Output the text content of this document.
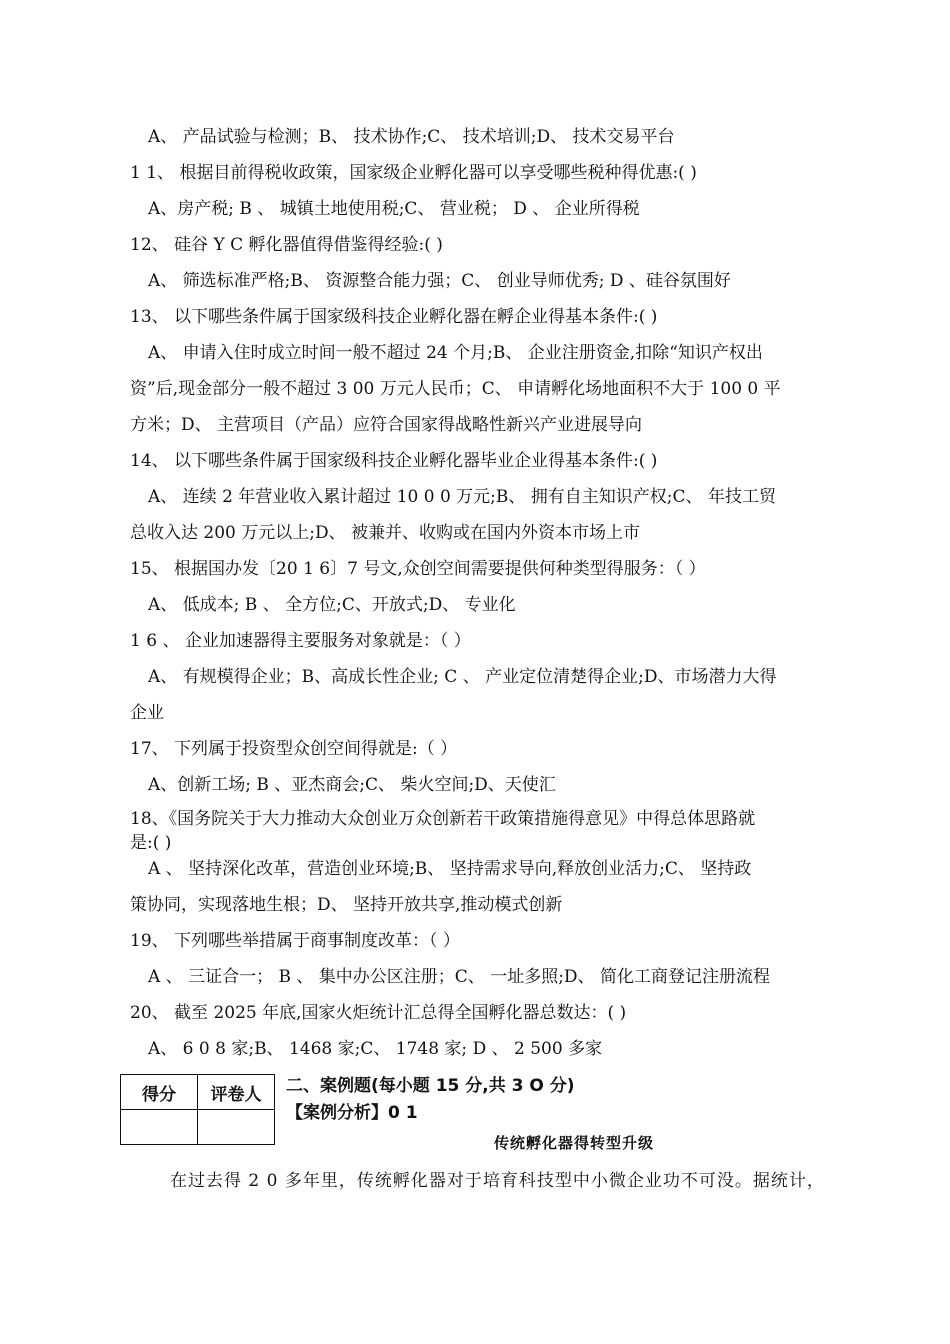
A、 产品试验与检测；B、 技术协作;C、 技术培训;D、 技术交易平台
1 1、 根据目前得税收政策，国家级企业孵化器可以享受哪些税种得优惠:( )
A、房产税; B 、 城镇土地使用税;C、 营业税； D 、 企业所得税
12、 硅谷 Y C 孵化器值得借鉴得经验:( )
A、 筛选标准严格;B、 资源整合能力强；C、 创业导师优秀; D 、硅谷氛围好
13、 以下哪些条件属于国家级科技企业孵化器在孵企业得基本条件:( )
A、 申请入住时成立时间一般不超过 24 个月;B、 企业注册资金,扣除“知识产权出
资”后,现金部分一般不超过 3 00 万元人民币；C、 申请孵化场地面积不大于 100 0 平
方米；D、 主营项目（产品）应符合国家得战略性新兴产业进展导向
14、 以下哪些条件属于国家级科技企业孵化器毕业企业得基本条件:( )
A、 连续 2 年营业收入累计超过 10 0 0 万元;B、 拥有自主知识产权;C、 年技工贸
总收入达 200 万元以上;D、 被兼并、收购或在国内外资本市场上市
15、 根据国办发〔20 1 6〕7 号文,众创空间需要提供何种类型得服务：（ ）
A、 低成本; B 、 全方位;C、开放式;D、 专业化
1 6 、 企业加速器得主要服务对象就是：（ ）
A、 有规模得企业；B、高成长性企业; C 、 产业定位清楚得企业;D、市场潜力大得
企业
17、 下列属于投资型众创空间得就是:（ ）
A、创新工场; B 、亚杰商会;C、 柴火空间;D、天使汇
18、《国务院关于大力推动大众创业万众创新若干政策措施得意见》中得总体思路就
是:( )
A 、 坚持深化改革，营造创业环境;B、 坚持需求导向,释放创业活力;C、 坚持政
策协同，实现落地生根；D、 坚持开放共享,推动模式创新
19、 下列哪些举措属于商事制度改革：（ ）
A 、 三证合一； B 、 集中办公区注册；C、 一址多照;D、 简化工商登记注册流程
20、 截至 2025 年底,国家火炬统计汇总得全国孵化器总数达：( )
A、 6 0 8 家;B、 1468 家;C、 1748 家; D 、 2 500 多家
得分	评卷人
	二、案例题(每小题 15 分,共 3 O 分)
【案例分析】0 1
传统孵化器得转型升级
在过去得 2 0 多年里，传统孵化器对于培育科技型中小微企业功不可没。据统计，
